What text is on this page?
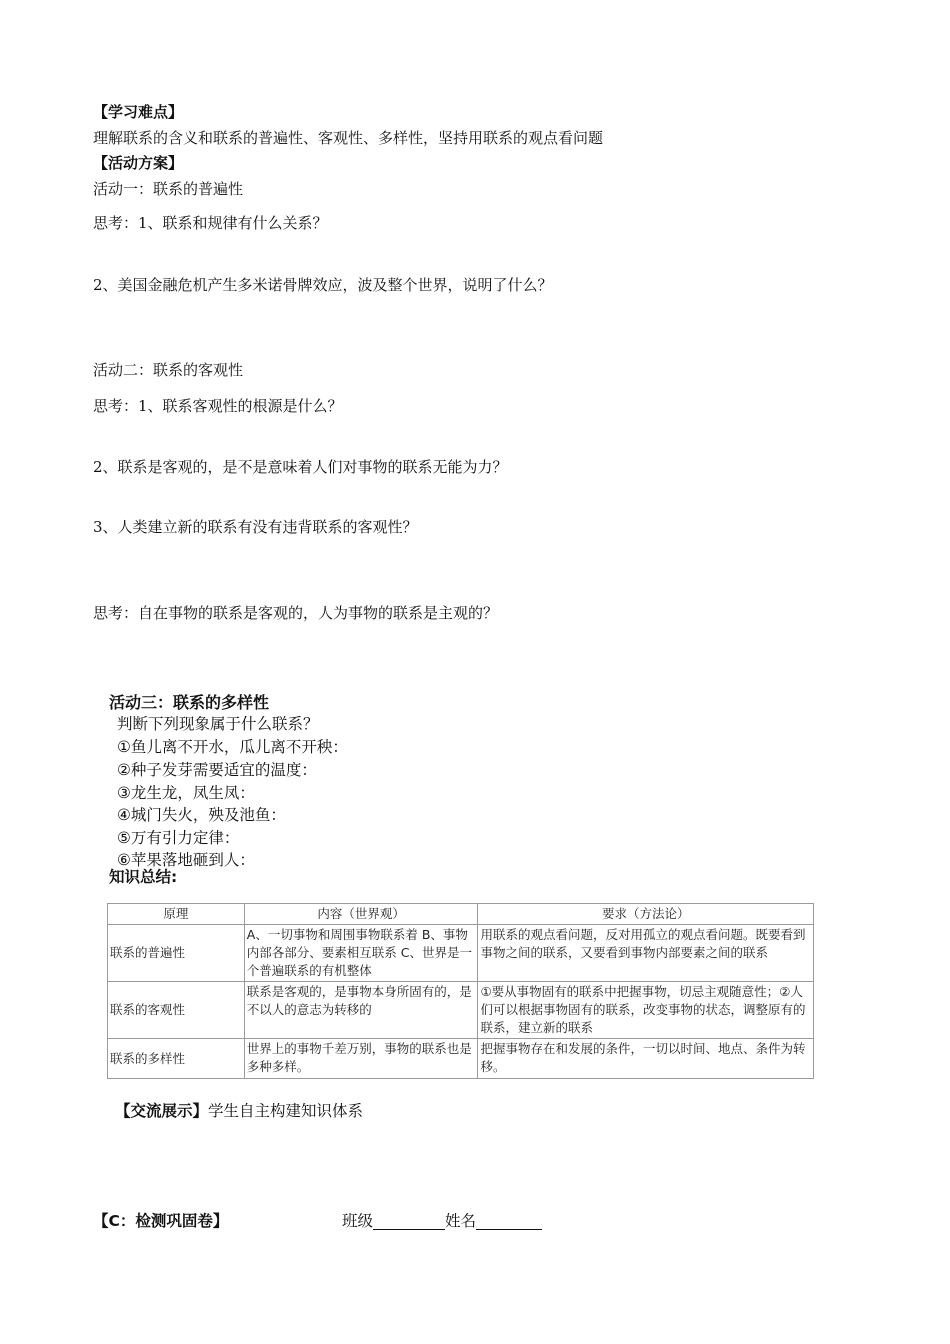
【学习难点】
理解联系的含义和联系的普遍性、客观性、多样性，坚持用联系的观点看问题
【活动方案】
活动一：联系的普遍性
思考：1、联系和规律有什么关系？
2、美国金融危机产生多米诺骨牌效应，波及整个世界，说明了什么？
活动二：联系的客观性
思考：1、联系客观性的根源是什么？
2、联系是客观的，是不是意味着人们对事物的联系无能为力？
3、人类建立新的联系有没有违背联系的客观性？
思考：自在事物的联系是客观的，人为事物的联系是主观的？
活动三：联系的多样性
判断下列现象属于什么联系？
①鱼儿离不开水，瓜儿离不开秧：
②种子发芽需要适宜的温度：
③龙生龙，凤生凤：
④城门失火，殃及池鱼：
⑤万有引力定律：
⑥苹果落地砸到人：
知识总结:
原理	内容（世界观）	要求（方法论）
联系的普遍性	A、一切事物和周围事物联系着 B、事物内部各部分、要素相互联系 C、世界是一个普遍联系的有机整体	用联系的观点看问题，反对用孤立的观点看问题。既要看到事物之间的联系，又要看到事物内部要素之间的联系
联系的客观性	联系是客观的，是事物本身所固有的，是不以人的意志为转移的	①要从事物固有的联系中把握事物，切忌主观随意性；②人们可以根据事物固有的联系，改变事物的状态，调整原有的联系，建立新的联系
联系的多样性	世界上的事物千差万别，事物的联系也是多种多样。	把握事物存在和发展的条件，一切以时间、地点、条件为转移。
【交流展示】学生自主构建知识体系
【C：检测巩固卷】	班级	姓名
